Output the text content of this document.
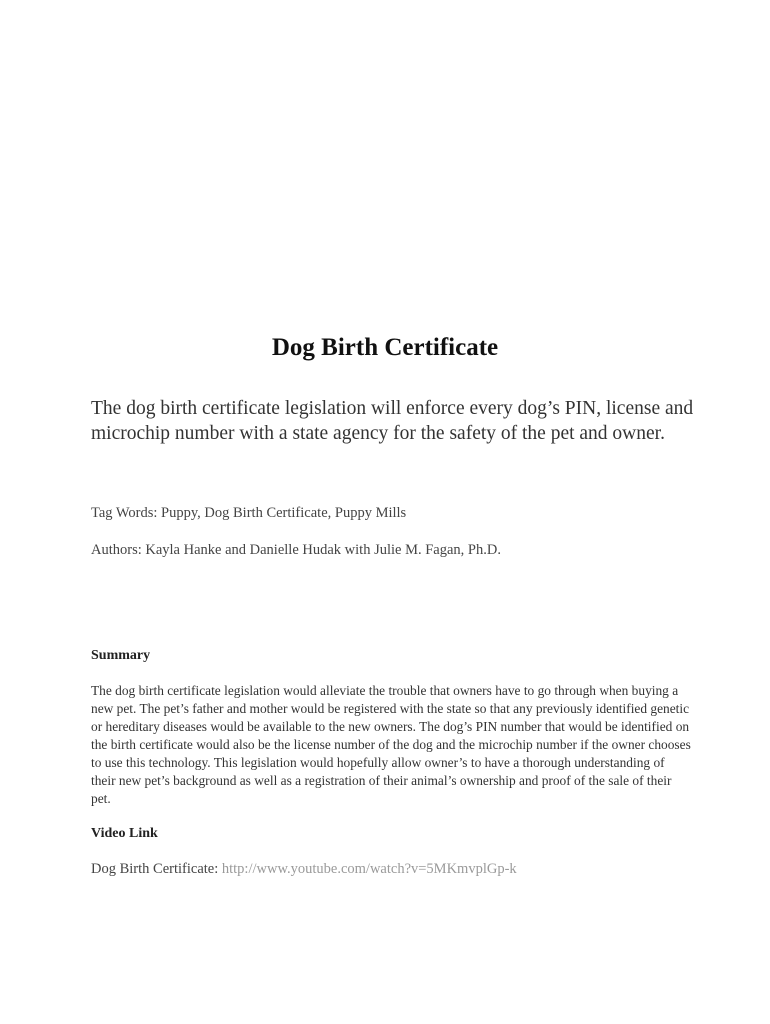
Dog Birth Certificate

The dog birth certificate legislation will enforce every dog’s PIN, license and microchip number with a state agency for the safety of the pet and owner.

Tag Words: Puppy, Dog Birth Certificate, Puppy Mills

Authors: Kayla Hanke and Danielle Hudak with Julie M. Fagan, Ph.D.

Summary

The dog birth certificate legislation would alleviate the trouble that owners have to go through when buying a new pet. The pet’s father and mother would be registered with the state so that any previously identified genetic or hereditary diseases would be available to the new owners. The dog’s PIN number that would be identified on the birth certificate would also be the license number of the dog and the microchip number if the owner chooses to use this technology. This legislation would hopefully allow owner’s to have a thorough understanding of their new pet’s background as well as a registration of their animal’s ownership and proof of the sale of their pet.

Video Link

Dog Birth Certificate: http://www.youtube.com/watch?v=5MKmvplGp-k
